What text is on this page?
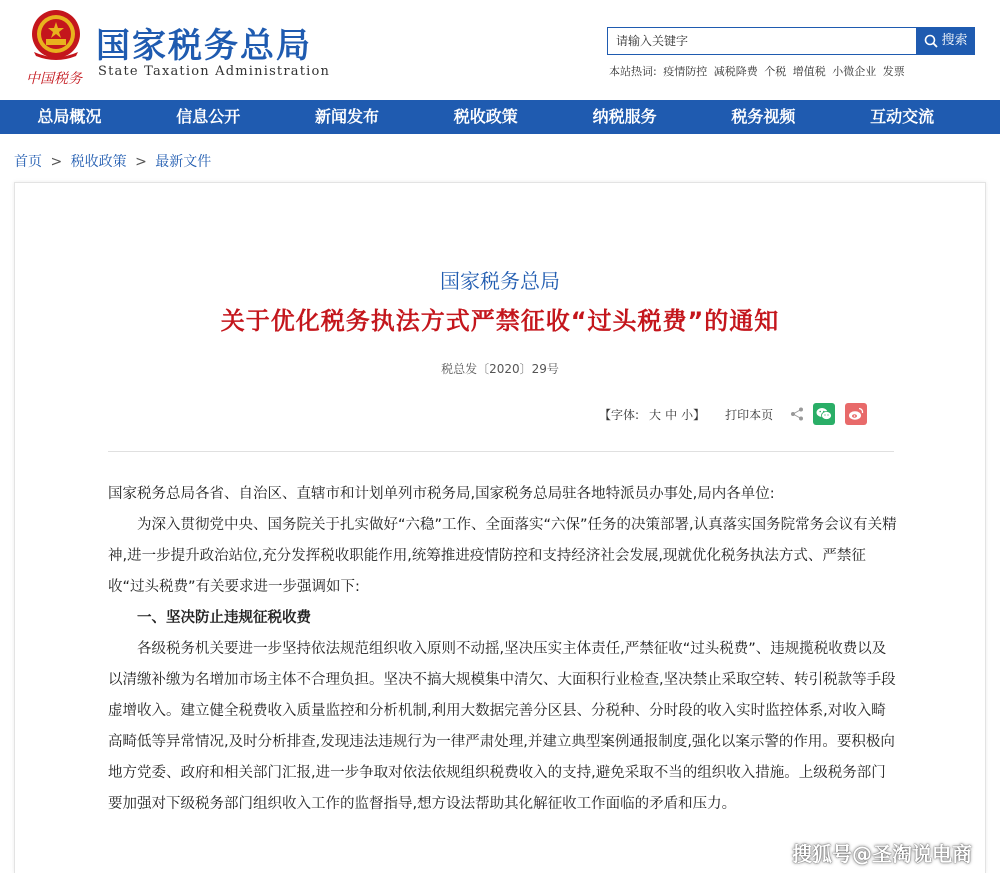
中国税务
国家税务总局
State Taxation Administration
请输入关键字	搜索
本站热词: 疫情防控 减税降费 个税 增值税 小微企业 发票
总局概况	信息公开	新闻发布	税收政策	纳税服务	税务视频	互动交流
首页 > 税收政策 > 最新文件
国家税务总局
关于优化税务执法方式严禁征收“过头税费”的通知
税总发〔2020〕29号
【字体: 大 中 小】 打印本页

国家税务总局各省、自治区、直辖市和计划单列市税务局,国家税务总局驻各地特派员办事处,局内各单位:

为深入贯彻党中央、国务院关于扎实做好“六稳”工作、全面落实“六保”任务的决策部署,认真落实国务院常务会议有关精神,进一步提升政治站位,充分发挥税收职能作用,统筹推进疫情防控和支持经济社会发展,现就优化税务执法方式、严禁征收“过头税费”有关要求进一步强调如下:

一、坚决防止违规征税收费

各级税务机关要进一步坚持依法规范组织收入原则不动摇,坚决压实主体责任,严禁征收“过头税费”、违规揽税收费以及以清缴补缴为名增加市场主体不合理负担。坚决不搞大规模集中清欠、大面积行业检查,坚决禁止采取空转、转引税款等手段虚增收入。建立健全税费收入质量监控和分析机制,利用大数据完善分区县、分税种、分时段的收入实时监控体系,对收入畸高畸低等异常情况,及时分析排查,发现违法违规行为一律严肃处理,并建立典型案例通报制度,强化以案示警的作用。要积极向地方党委、政府和相关部门汇报,进一步争取对依法依规组织税费收入的支持,避免采取不当的组织收入措施。上级税务部门要加强对下级税务部门组织收入工作的监督指导,想方设法帮助其化解征收工作面临的矛盾和压力。

搜狐号@圣淘说电商
